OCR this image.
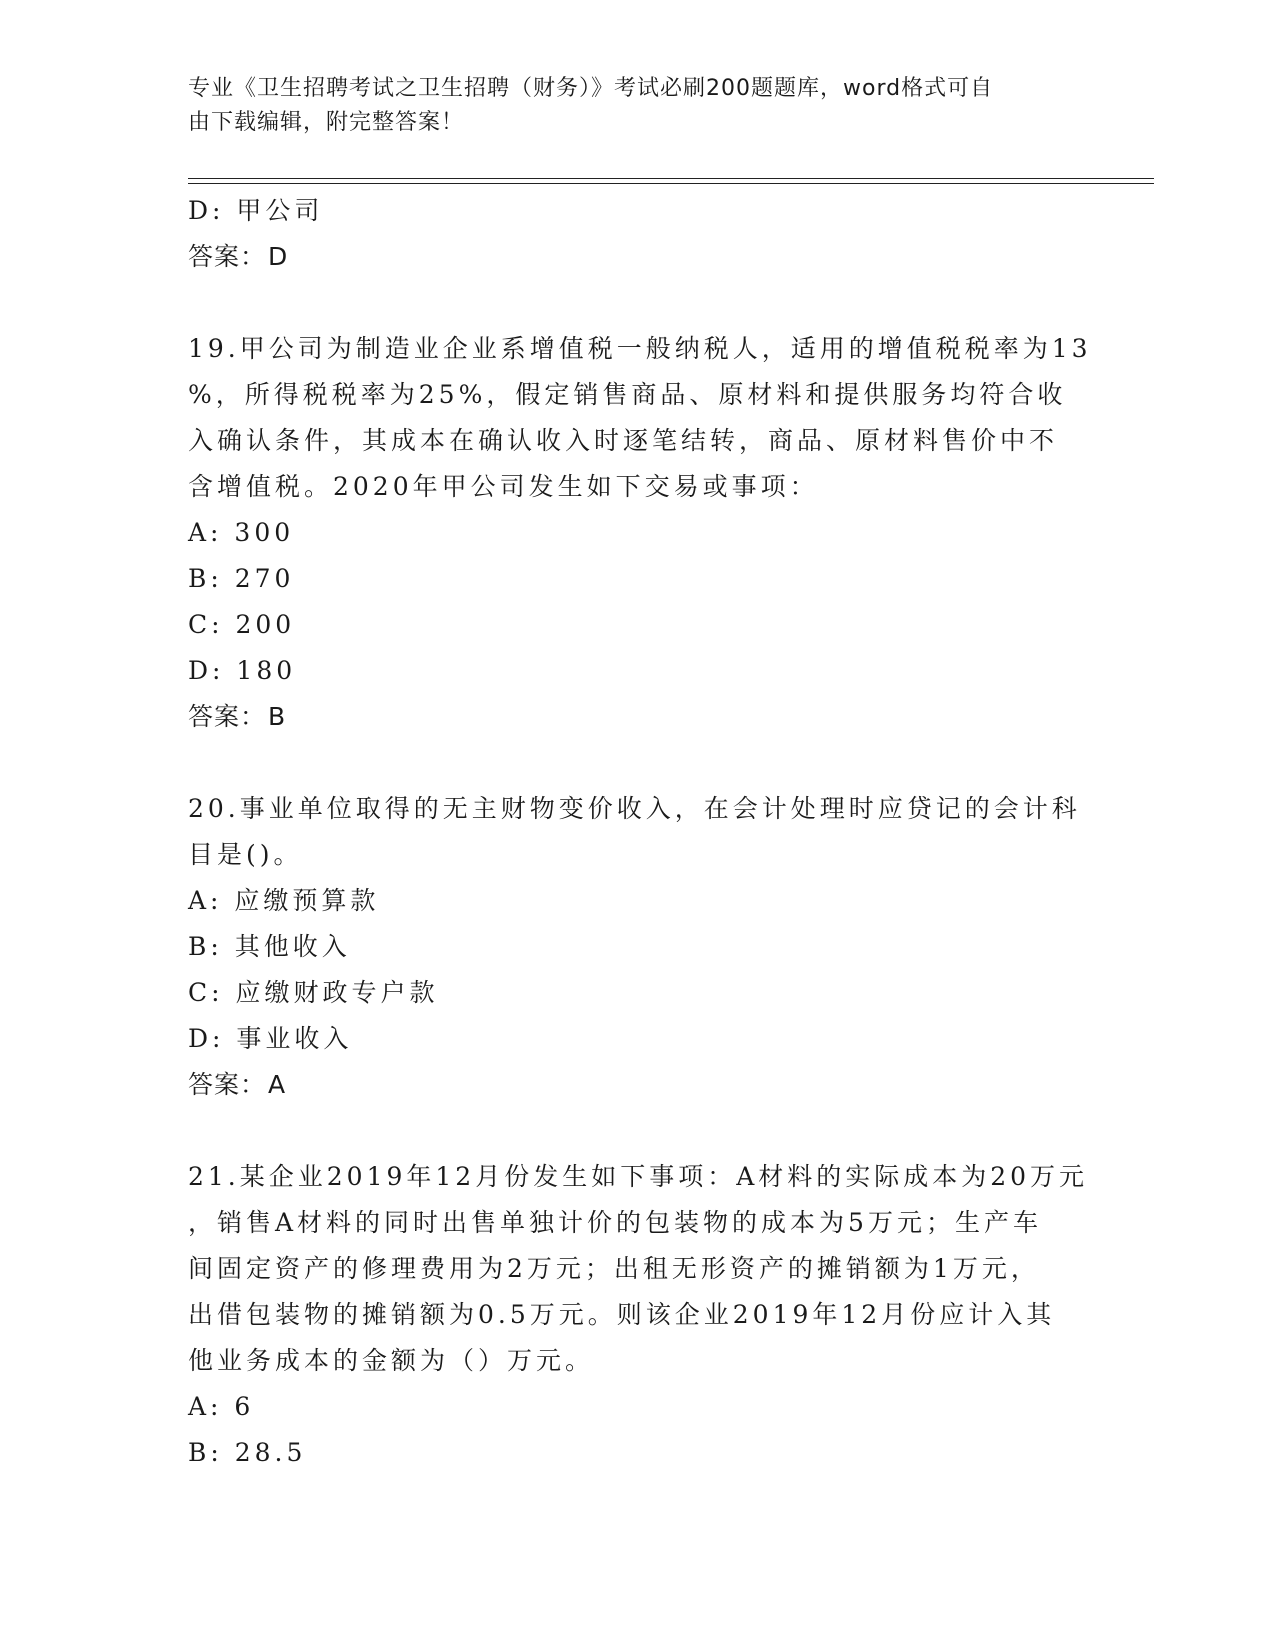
专业《卫生招聘考试之卫生招聘（财务）》考试必刷200题题库，word格式可自
由下载编辑，附完整答案！
D: 甲公司
答案：D
19.甲公司为制造业企业系增值税一般纳税人，适用的增值税税率为13
%，所得税税率为25%，假定销售商品、原材料和提供服务均符合收
入确认条件，其成本在确认收入时逐笔结转，商品、原材料售价中不
含增值税。2020年甲公司发生如下交易或事项：
A: 300
B: 270
C: 200
D: 180
答案：B
20.事业单位取得的无主财物变价收入，在会计处理时应贷记的会计科
目是()。
A: 应缴预算款
B: 其他收入
C: 应缴财政专户款
D: 事业收入
答案：A
21.某企业2019年12月份发生如下事项：A材料的实际成本为20万元
，销售A材料的同时出售单独计价的包装物的成本为5万元；生产车
间固定资产的修理费用为2万元；出租无形资产的摊销额为1万元，
出借包装物的摊销额为0.5万元。则该企业2019年12月份应计入其
他业务成本的金额为（）万元。
A: 6
B: 28.5
